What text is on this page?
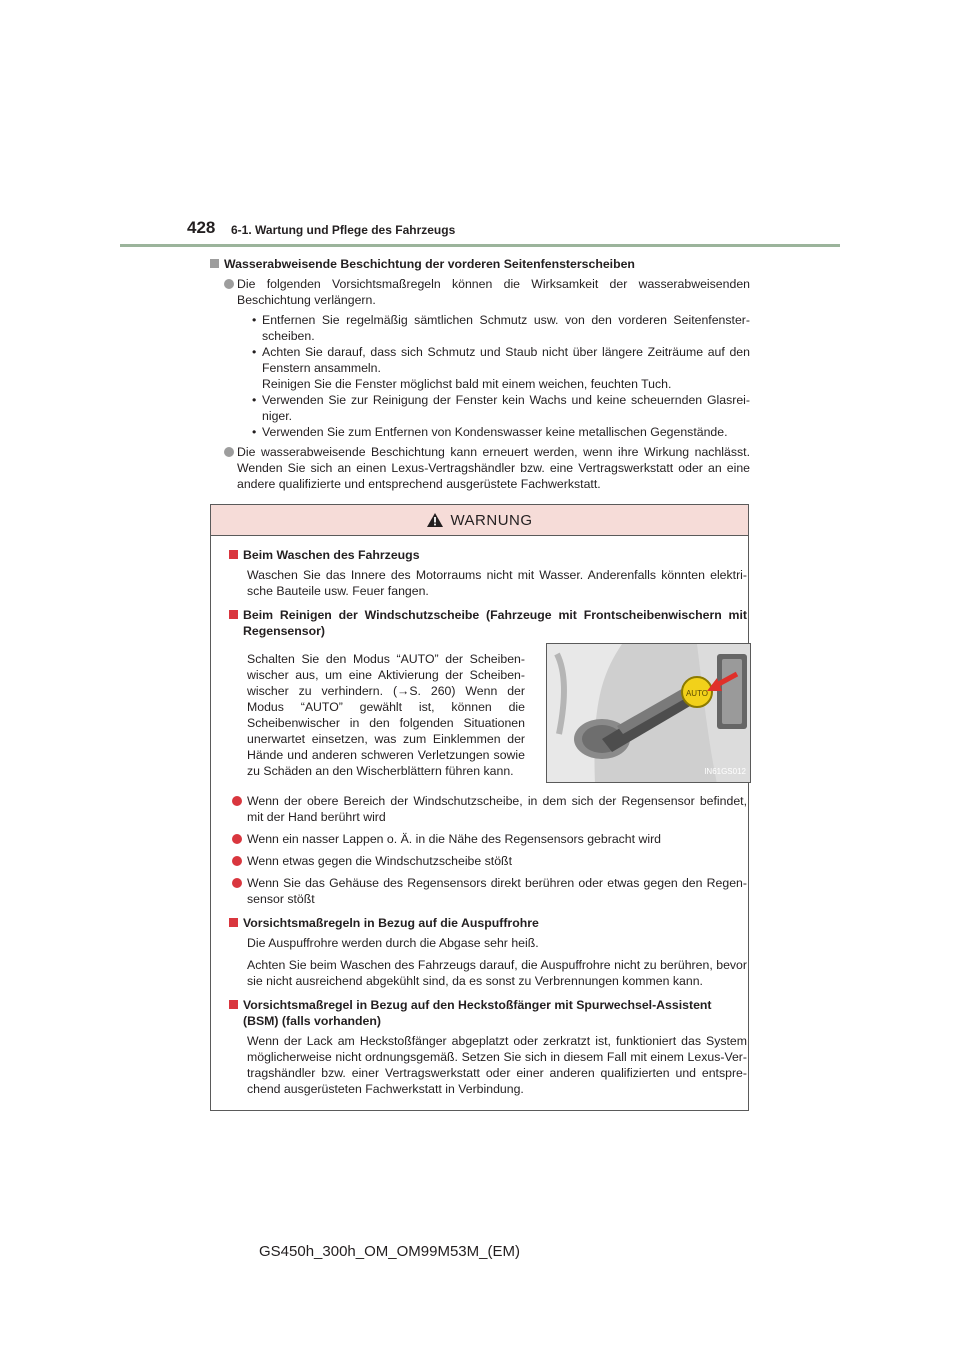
428 6-1. Wartung und Pflege des Fahrzeugs
Wasserabweisende Beschichtung der vorderen Seitenfensterscheiben
Die folgenden Vorsichtsmaßregeln können die Wirksamkeit der wasserabweisenden Beschichtung verlängern.
• Entfernen Sie regelmäßig sämtlichen Schmutz usw. von den vorderen Seitenfenster-scheiben.
• Achten Sie darauf, dass sich Schmutz und Staub nicht über längere Zeiträume auf den Fenstern ansammeln.
Reinigen Sie die Fenster möglichst bald mit einem weichen, feuchten Tuch.
• Verwenden Sie zur Reinigung der Fenster kein Wachs und keine scheuernden Glasrei-niger.
• Verwenden Sie zum Entfernen von Kondenswasser keine metallischen Gegenstände.
Die wasserabweisende Beschichtung kann erneuert werden, wenn ihre Wirkung nachlässt. Wenden Sie sich an einen Lexus-Vertragshändler bzw. eine Vertragswerkstatt oder an eine andere qualifizierte und entsprechend ausgerüstete Fachwerkstatt.
WARNUNG
Beim Waschen des Fahrzeugs
Waschen Sie das Innere des Motorraums nicht mit Wasser. Anderenfalls könnten elektri-sche Bauteile usw. Feuer fangen.
Beim Reinigen der Windschutzscheibe (Fahrzeuge mit Frontscheibenwischern mit Regensensor)
Schalten Sie den Modus “AUTO” der Scheiben-wischer aus, um eine Aktivierung der Scheiben-wischer zu verhindern. (→S. 260) Wenn der Modus “AUTO” gewählt ist, können die Scheibenwischer in den folgenden Situationen unerwartet einsetzen, was zum Einklemmen der Hände und anderen schweren Verletzungen sowie zu Schäden an den Wischerblättern führen kann.
AUTO
IN61GS012
Wenn der obere Bereich der Windschutzscheibe, in dem sich der Regensensor befindet, mit der Hand berührt wird
Wenn ein nasser Lappen o. Ä. in die Nähe des Regensensors gebracht wird
Wenn etwas gegen die Windschutzscheibe stößt
Wenn Sie das Gehäuse des Regensensors direkt berühren oder etwas gegen den Regen-sensor stößt
Vorsichtsmaßregeln in Bezug auf die Auspuffrohre

Die Auspuffrohre werden durch die Abgase sehr heiß.

Achten Sie beim Waschen des Fahrzeugs darauf, die Auspuffrohre nicht zu berühren, bevor sie nicht ausreichend abgekühlt sind, da es sonst zu Verbrennungen kommen kann.

Vorsichtsmaßregel in Bezug auf den Heckstoßfänger mit Spurwechsel-Assistent (BSM) (falls vorhanden)
Wenn der Lack am Heckstoßfänger abgeplatzt oder zerkratzt ist, funktioniert das System möglicherweise nicht ordnungsgemäß. Setzen Sie sich in diesem Fall mit einem Lexus-Ver-tragshändler bzw. einer Vertragswerkstatt oder einer anderen qualifizierten und entspre-chend ausgerüsteten Fachwerkstatt in Verbindung.
GS450h_300h_OM_OM99M53M_(EM)
